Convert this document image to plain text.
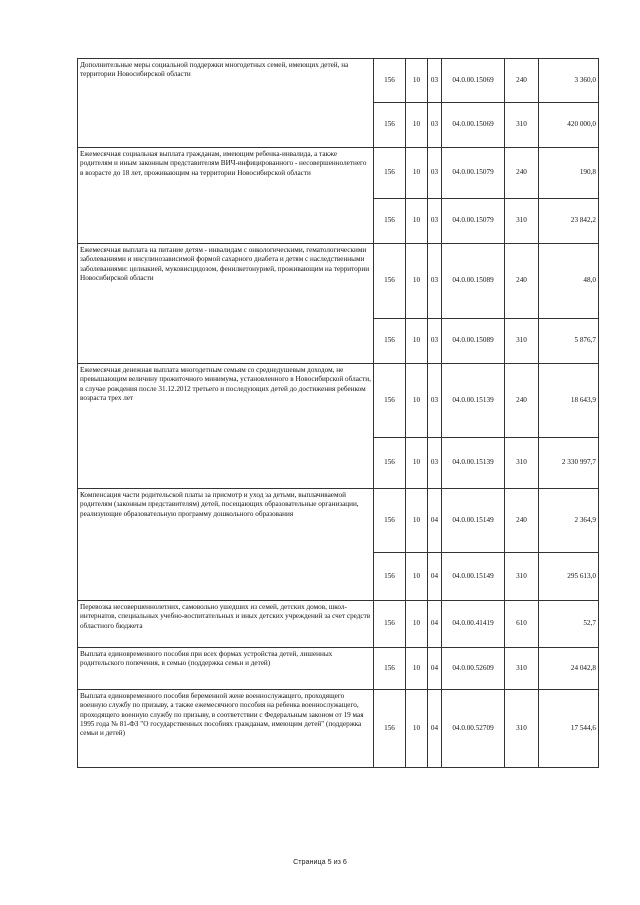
Дополнительные меры социальной поддержки многодетных семей, имеющих детей, на территории Новосибирской области	156	10	03	04.0.00.15069	240	3 360,0
	156	10	03	04.0.00.15069	310	420 000,0
Ежемесячная социальная выплата гражданам, имеющим ребенка-инвалида, а также родителям и иным законным представителям ВИЧ-инфицированного - несовершеннолетнего в возрасте до 18 лет, проживающим на территории Новосибирской области	156	10	03	04.0.00.15079	240	190,8
	156	10	03	04.0.00.15079	310	23 842,2
Ежемесячная выплата на питание детям - инвалидам с онкологическими, гематологическими заболеваниями и инсулинозависимой формой сахарного диабета и детям с наследственными заболеваниями: целиакией, муковисцидозом, фенилкетонурией, проживающим на территории Новосибирской области	156	10	03	04.0.00.15089	240	48,0
	156	10	03	04.0.00.15089	310	5 876,7
Ежемесячная денежная выплата многодетным семьям со среднедушевым доходом, не превышающим величину прожиточного минимума, установленного в Новосибирской области, в случае рождения после 31.12.2012 третьего и последующих детей до достижения ребенком возраста трех лет	156	10	03	04.0.00.15139	240	18 643,9
	156	10	03	04.0.00.15139	310	2 330 997,7
Компенсация части родительской платы за присмотр и уход за детьми, выплачиваемой родителям (законным представителям) детей, посещающих образовательные организации, реализующие образовательную программу дошкольного образования	156	10	04	04.0.00.15149	240	2 364,9
	156	10	04	04.0.00.15149	310	295 613,0
Перевозка несовершеннолетних, самовольно ушедших из семей, детских домов, школ-интернатов, специальных учебно-воспитательных и иных детских учреждений за счет средств областного бюджета	156	10	04	04.0.00.41419	610	52,7
Выплата единовременного пособия при всех формах устройства детей, лишенных родительского попечения, в семью (поддержка семьи и детей)	156	10	04	04.0.00.52609	310	24 042,8
Выплата единовременного пособия беременной жене военнослужащего, проходящего военную службу по призыву, а также ежемесячного пособия на ребенка военнослужащего, проходящего военную службу по призыву, в соответствии с Федеральным законом от 19 мая 1995 года № 81-ФЗ "О государственных пособиях гражданам, имеющим детей" (поддержка семьи и детей)	156	10	04	04.0.00.52709	310	17 544,6
Страница 5 из 6
